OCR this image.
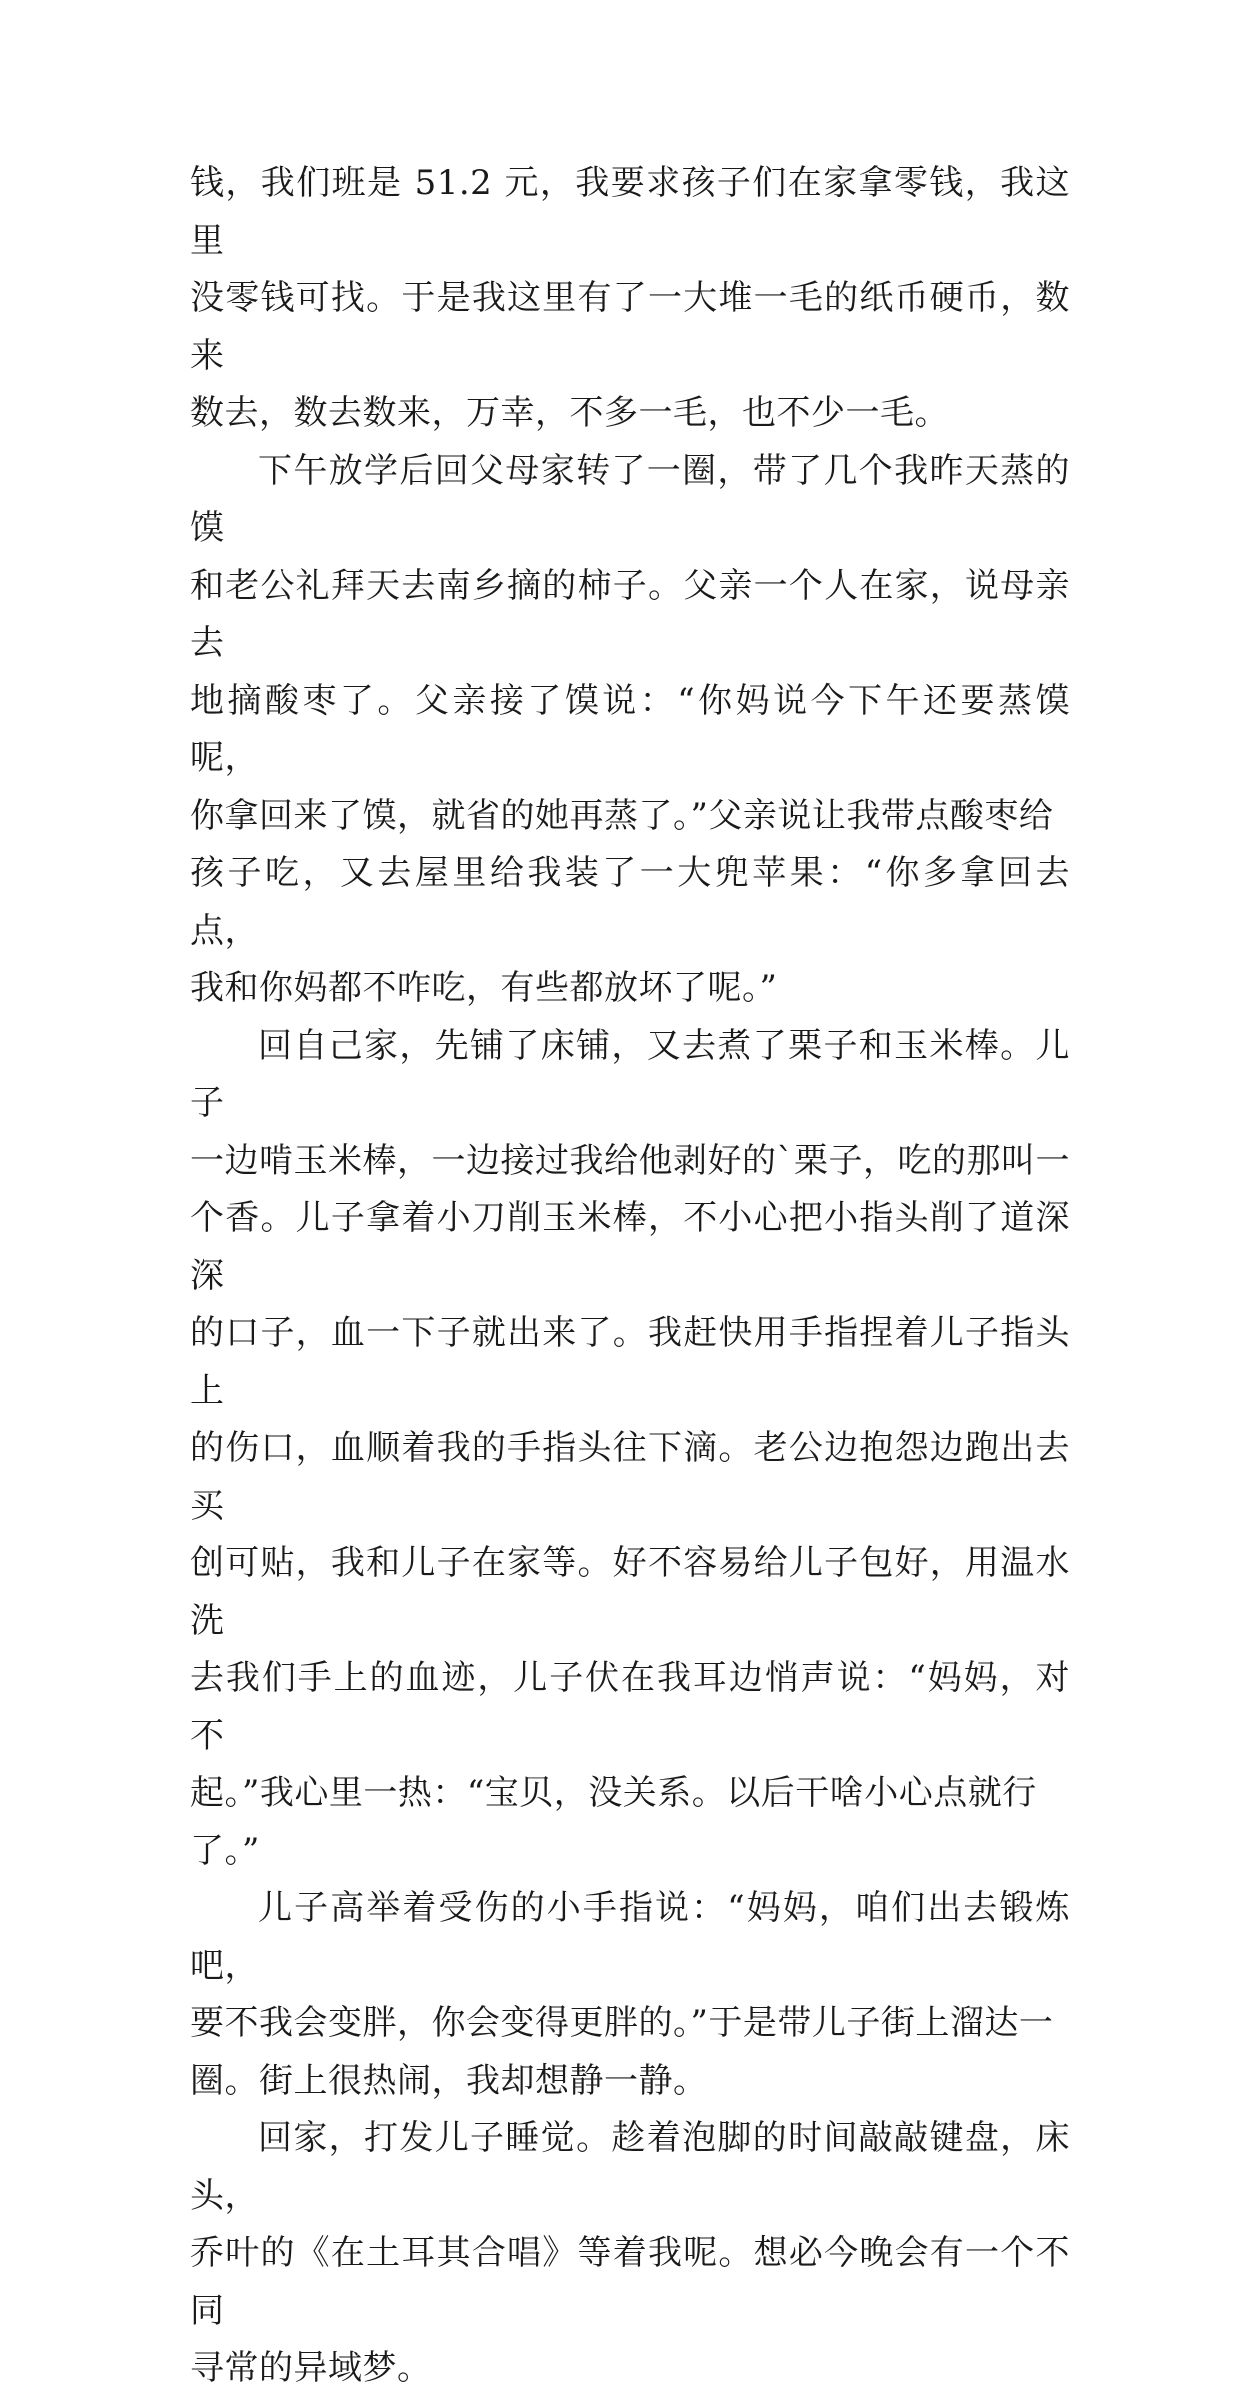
钱，我们班是 51.2 元，我要求孩子们在家拿零钱，我这里
没零钱可找。于是我这里有了一大堆一毛的纸币硬币，数来
数去，数去数来，万幸，不多一毛，也不少一毛。

下午放学后回父母家转了一圈，带了几个我昨天蒸的馍
和老公礼拜天去南乡摘的柿子。父亲一个人在家，说母亲去
地摘酸枣了。父亲接了馍说：“你妈说今下午还要蒸馍呢，
你拿回来了馍，就省的她再蒸了。”父亲说让我带点酸枣给
孩子吃，又去屋里给我装了一大兜苹果：“你多拿回去点，
我和你妈都不咋吃，有些都放坏了呢。”

回自己家，先铺了床铺，又去煮了栗子和玉米棒。儿子
一边啃玉米棒，一边接过我给他剥好的`栗子，吃的那叫一
个香。儿子拿着小刀削玉米棒，不小心把小指头削了道深深
的口子，血一下子就出来了。我赶快用手指捏着儿子指头上
的伤口，血顺着我的手指头往下滴。老公边抱怨边跑出去买
创可贴，我和儿子在家等。好不容易给儿子包好，用温水洗
去我们手上的血迹，儿子伏在我耳边悄声说：“妈妈，对不
起。”我心里一热：“宝贝，没关系。以后干啥小心点就行
了。”

儿子高举着受伤的小手指说：“妈妈，咱们出去锻炼吧，
要不我会变胖，你会变得更胖的。”于是带儿子街上溜达一
圈。街上很热闹，我却想静一静。

回家，打发儿子睡觉。趁着泡脚的时间敲敲键盘，床头，
乔叶的《在土耳其合唱》等着我呢。想必今晚会有一个不同
寻常的异域梦。
